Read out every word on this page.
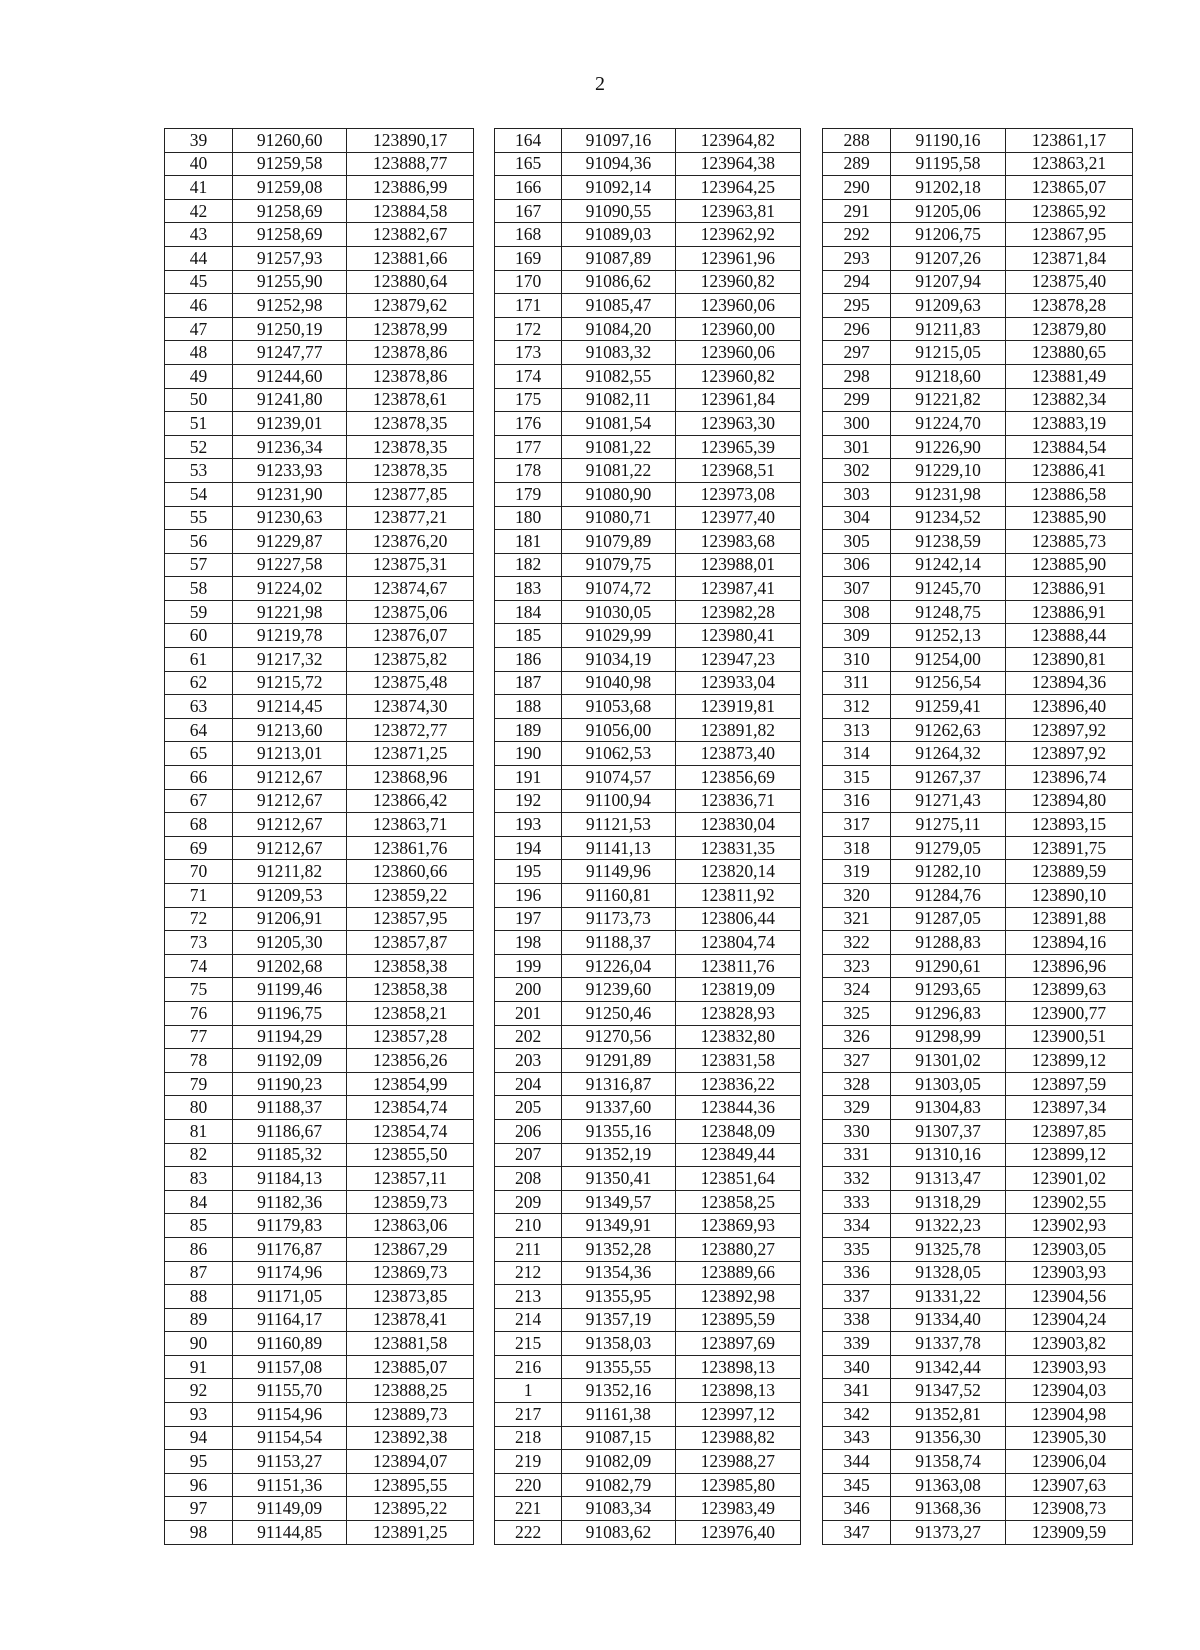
2
39	91260,60	123890,17
40	91259,58	123888,77
41	91259,08	123886,99
42	91258,69	123884,58
43	91258,69	123882,67
44	91257,93	123881,66
45	91255,90	123880,64
46	91252,98	123879,62
47	91250,19	123878,99
48	91247,77	123878,86
49	91244,60	123878,86
50	91241,80	123878,61
51	91239,01	123878,35
52	91236,34	123878,35
53	91233,93	123878,35
54	91231,90	123877,85
55	91230,63	123877,21
56	91229,87	123876,20
57	91227,58	123875,31
58	91224,02	123874,67
59	91221,98	123875,06
60	91219,78	123876,07
61	91217,32	123875,82
62	91215,72	123875,48
63	91214,45	123874,30
64	91213,60	123872,77
65	91213,01	123871,25
66	91212,67	123868,96
67	91212,67	123866,42
68	91212,67	123863,71
69	91212,67	123861,76
70	91211,82	123860,66
71	91209,53	123859,22
72	91206,91	123857,95
73	91205,30	123857,87
74	91202,68	123858,38
75	91199,46	123858,38
76	91196,75	123858,21
77	91194,29	123857,28
78	91192,09	123856,26
79	91190,23	123854,99
80	91188,37	123854,74
81	91186,67	123854,74
82	91185,32	123855,50
83	91184,13	123857,11
84	91182,36	123859,73
85	91179,83	123863,06
86	91176,87	123867,29
87	91174,96	123869,73
88	91171,05	123873,85
89	91164,17	123878,41
90	91160,89	123881,58
91	91157,08	123885,07
92	91155,70	123888,25
93	91154,96	123889,73
94	91154,54	123892,38
95	91153,27	123894,07
96	91151,36	123895,55
97	91149,09	123895,22
98	91144,85	123891,25
164	91097,16	123964,82
165	91094,36	123964,38
166	91092,14	123964,25
167	91090,55	123963,81
168	91089,03	123962,92
169	91087,89	123961,96
170	91086,62	123960,82
171	91085,47	123960,06
172	91084,20	123960,00
173	91083,32	123960,06
174	91082,55	123960,82
175	91082,11	123961,84
176	91081,54	123963,30
177	91081,22	123965,39
178	91081,22	123968,51
179	91080,90	123973,08
180	91080,71	123977,40
181	91079,89	123983,68
182	91079,75	123988,01
183	91074,72	123987,41
184	91030,05	123982,28
185	91029,99	123980,41
186	91034,19	123947,23
187	91040,98	123933,04
188	91053,68	123919,81
189	91056,00	123891,82
190	91062,53	123873,40
191	91074,57	123856,69
192	91100,94	123836,71
193	91121,53	123830,04
194	91141,13	123831,35
195	91149,96	123820,14
196	91160,81	123811,92
197	91173,73	123806,44
198	91188,37	123804,74
199	91226,04	123811,76
200	91239,60	123819,09
201	91250,46	123828,93
202	91270,56	123832,80
203	91291,89	123831,58
204	91316,87	123836,22
205	91337,60	123844,36
206	91355,16	123848,09
207	91352,19	123849,44
208	91350,41	123851,64
209	91349,57	123858,25
210	91349,91	123869,93
211	91352,28	123880,27
212	91354,36	123889,66
213	91355,95	123892,98
214	91357,19	123895,59
215	91358,03	123897,69
216	91355,55	123898,13
1	91352,16	123898,13
217	91161,38	123997,12
218	91087,15	123988,82
219	91082,09	123988,27
220	91082,79	123985,80
221	91083,34	123983,49
222	91083,62	123976,40
288	91190,16	123861,17
289	91195,58	123863,21
290	91202,18	123865,07
291	91205,06	123865,92
292	91206,75	123867,95
293	91207,26	123871,84
294	91207,94	123875,40
295	91209,63	123878,28
296	91211,83	123879,80
297	91215,05	123880,65
298	91218,60	123881,49
299	91221,82	123882,34
300	91224,70	123883,19
301	91226,90	123884,54
302	91229,10	123886,41
303	91231,98	123886,58
304	91234,52	123885,90
305	91238,59	123885,73
306	91242,14	123885,90
307	91245,70	123886,91
308	91248,75	123886,91
309	91252,13	123888,44
310	91254,00	123890,81
311	91256,54	123894,36
312	91259,41	123896,40
313	91262,63	123897,92
314	91264,32	123897,92
315	91267,37	123896,74
316	91271,43	123894,80
317	91275,11	123893,15
318	91279,05	123891,75
319	91282,10	123889,59
320	91284,76	123890,10
321	91287,05	123891,88
322	91288,83	123894,16
323	91290,61	123896,96
324	91293,65	123899,63
325	91296,83	123900,77
326	91298,99	123900,51
327	91301,02	123899,12
328	91303,05	123897,59
329	91304,83	123897,34
330	91307,37	123897,85
331	91310,16	123899,12
332	91313,47	123901,02
333	91318,29	123902,55
334	91322,23	123902,93
335	91325,78	123903,05
336	91328,05	123903,93
337	91331,22	123904,56
338	91334,40	123904,24
339	91337,78	123903,82
340	91342,44	123903,93
341	91347,52	123904,03
342	91352,81	123904,98
343	91356,30	123905,30
344	91358,74	123906,04
345	91363,08	123907,63
346	91368,36	123908,73
347	91373,27	123909,59
